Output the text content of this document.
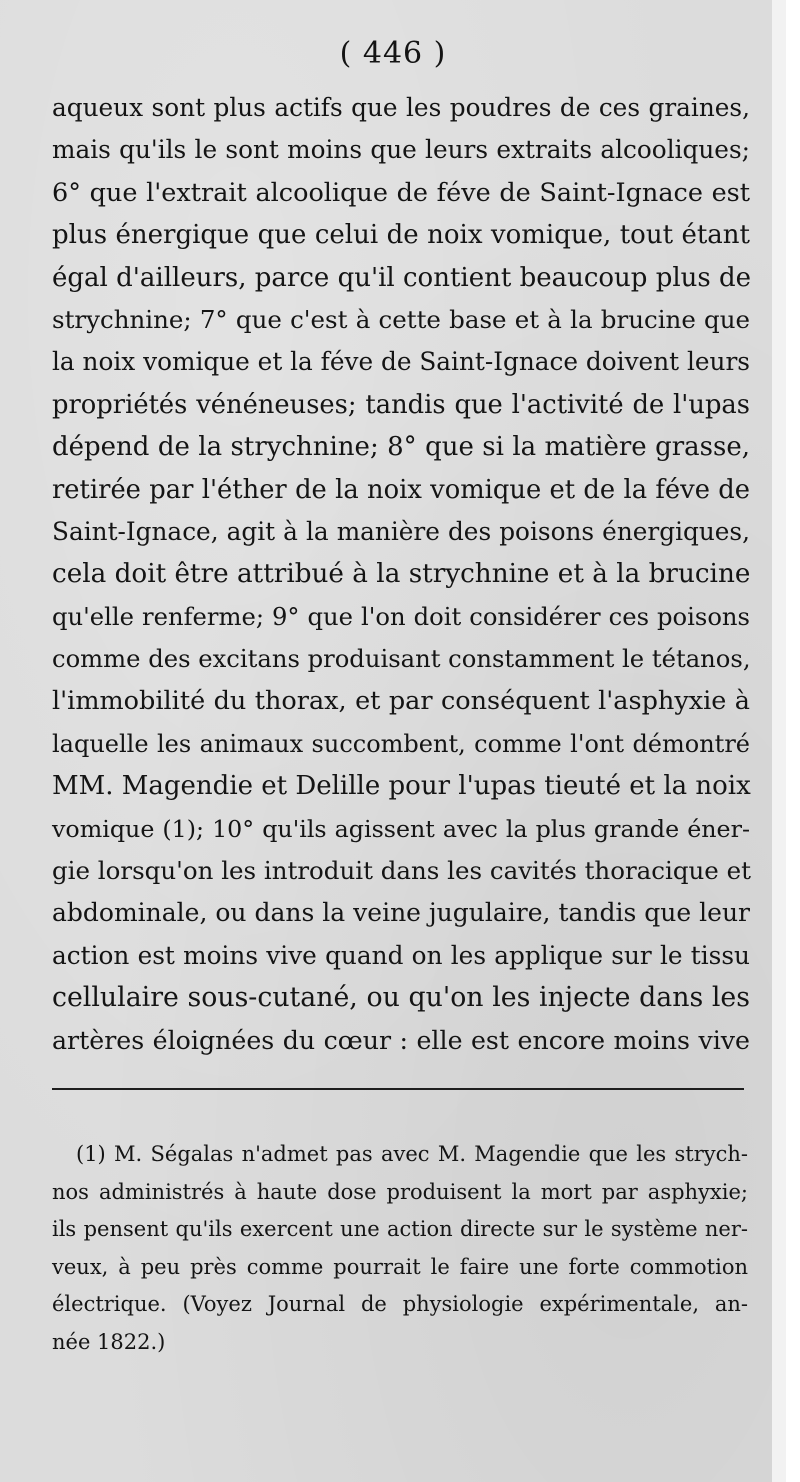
( 446 )
aqueux sont plus actifs que les poudres de ces graines,
mais qu'ils le sont moins que leurs extraits alcooliques;
6° que l'extrait alcoolique de féve de Saint-Ignace est
plus énergique que celui de noix vomique, tout étant
égal d'ailleurs, parce qu'il contient beaucoup plus de
strychnine; 7° que c'est à cette base et à la brucine que
la noix vomique et la féve de Saint-Ignace doivent leurs
propriétés vénéneuses; tandis que l'activité de l'upas
dépend de la strychnine; 8° que si la matière grasse,
retirée par l'éther de la noix vomique et de la féve de
Saint-Ignace, agit à la manière des poisons énergiques,
cela doit être attribué à la strychnine et à la brucine
qu'elle renferme; 9° que l'on doit considérer ces poisons
comme des excitans produisant constamment le tétanos,
l'immobilité du thorax, et par conséquent l'asphyxie à
laquelle les animaux succombent, comme l'ont démontré
MM. Magendie et Delille pour l'upas tieuté et la noix
vomique (1); 10° qu'ils agissent avec la plus grande éner-
gie lorsqu'on les introduit dans les cavités thoracique et
abdominale, ou dans la veine jugulaire, tandis que leur
action est moins vive quand on les applique sur le tissu
cellulaire sous-cutané, ou qu'on les injecte dans les
artères éloignées du cœur : elle est encore moins vive
(1) M. Ségalas n'admet pas avec M. Magendie que les strych-
nos administrés à haute dose produisent la mort par asphyxie;
ils pensent qu'ils exercent une action directe sur le système ner-
veux, à peu près comme pourrait le faire une forte commotion
électrique. (Voyez Journal de physiologie expérimentale, an-
née 1822.)
